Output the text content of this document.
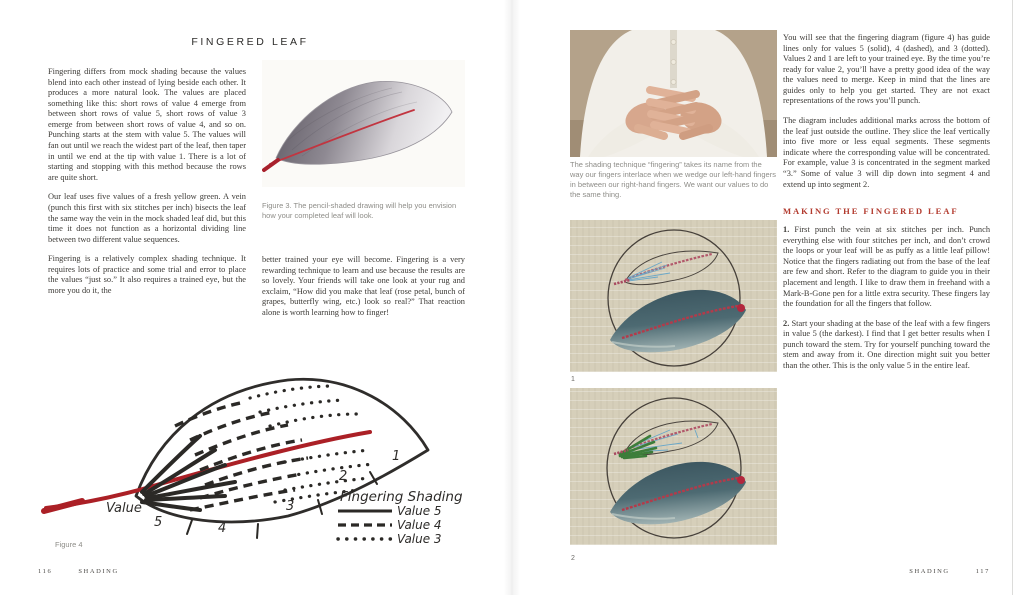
FINGERED LEAF

Fingering differs from mock shading because the values blend into each other instead of lying beside each other. It produces a more natural look. The values are placed something like this: short rows of value 4 emerge from between short rows of value 5, short rows of value 3 emerge from between short rows of value 4, and so on. Punching starts at the stem with value 5. The values will fan out until we reach the widest part of the leaf, then taper in until we end at the tip with value 1. There is a lot of starting and stopping with this method because the rows are quite short.

Our leaf uses five values of a fresh yellow green. A vein (punch this first with six stitches per inch) bisects the leaf the same way the vein in the mock shaded leaf did, but this time it does not function as a horizontal dividing line between two different value sequences.

Fingering is a relatively complex shading technique. It requires lots of practice and some trial and error to place the values “just so.” It also requires a trained eye, but the more you do it, the

Figure 3. The pencil-shaded drawing will help you envision how your completed leaf will look.

better trained your eye will become. Fingering is a very rewarding technique to learn and use because the results are so lovely. Your friends will take one look at your rug and exclaim, “How did you make that leaf (rose petal, bunch of grapes, butterfly wing, etc.) look so real?” That reaction alone is worth learning how to finger!

5	4
3
2
1
Value
Fingering Shading
Value 5
Value 4
Value 3
Figure 4
116	SHADING
The shading technique “fingering” takes its name from the way our fingers interlace when we wedge our left-hand fingers in between our right-hand fingers. We want our values to do the same thing.
1
2

You will see that the fingering diagram (figure 4) has guide lines only for values 5 (solid), 4 (dashed), and 3 (dotted). Values 2 and 1 are left to your trained eye. By the time you’re ready for value 2, you’ll have a pretty good idea of the way the values need to merge. Keep in mind that the lines are guides only to help you get started. They are not exact representations of the rows you’ll punch.

The diagram includes additional marks across the bottom of the leaf just outside the outline. They slice the leaf vertically into five more or less equal segments. These segments indicate where the corresponding value will be concentrated. For example, value 3 is concentrated in the segment marked “3.” Some of value 3 will dip down into segment 4 and extend up into segment 2.

MAKING THE FINGERED LEAF

1. First punch the vein at six stitches per inch. Punch everything else with four stitches per inch, and don’t crowd the loops or your leaf will be as puffy as a little leaf pillow! Notice that the fingers radiating out from the base of the leaf are few and short. Refer to the diagram to guide you in their placement and length. I like to draw them in freehand with a Mark-B-Gone pen for a little extra security. These fingers lay the foundation for all the fingers that follow.

2. Start your shading at the base of the leaf with a few fingers in value 5 (the darkest). I find that I get better results when I punch toward the stem. Try for yourself punching toward the stem and away from it. One direction might suit you better than the other. This is the only value 5 in the entire leaf.

SHADING	117
